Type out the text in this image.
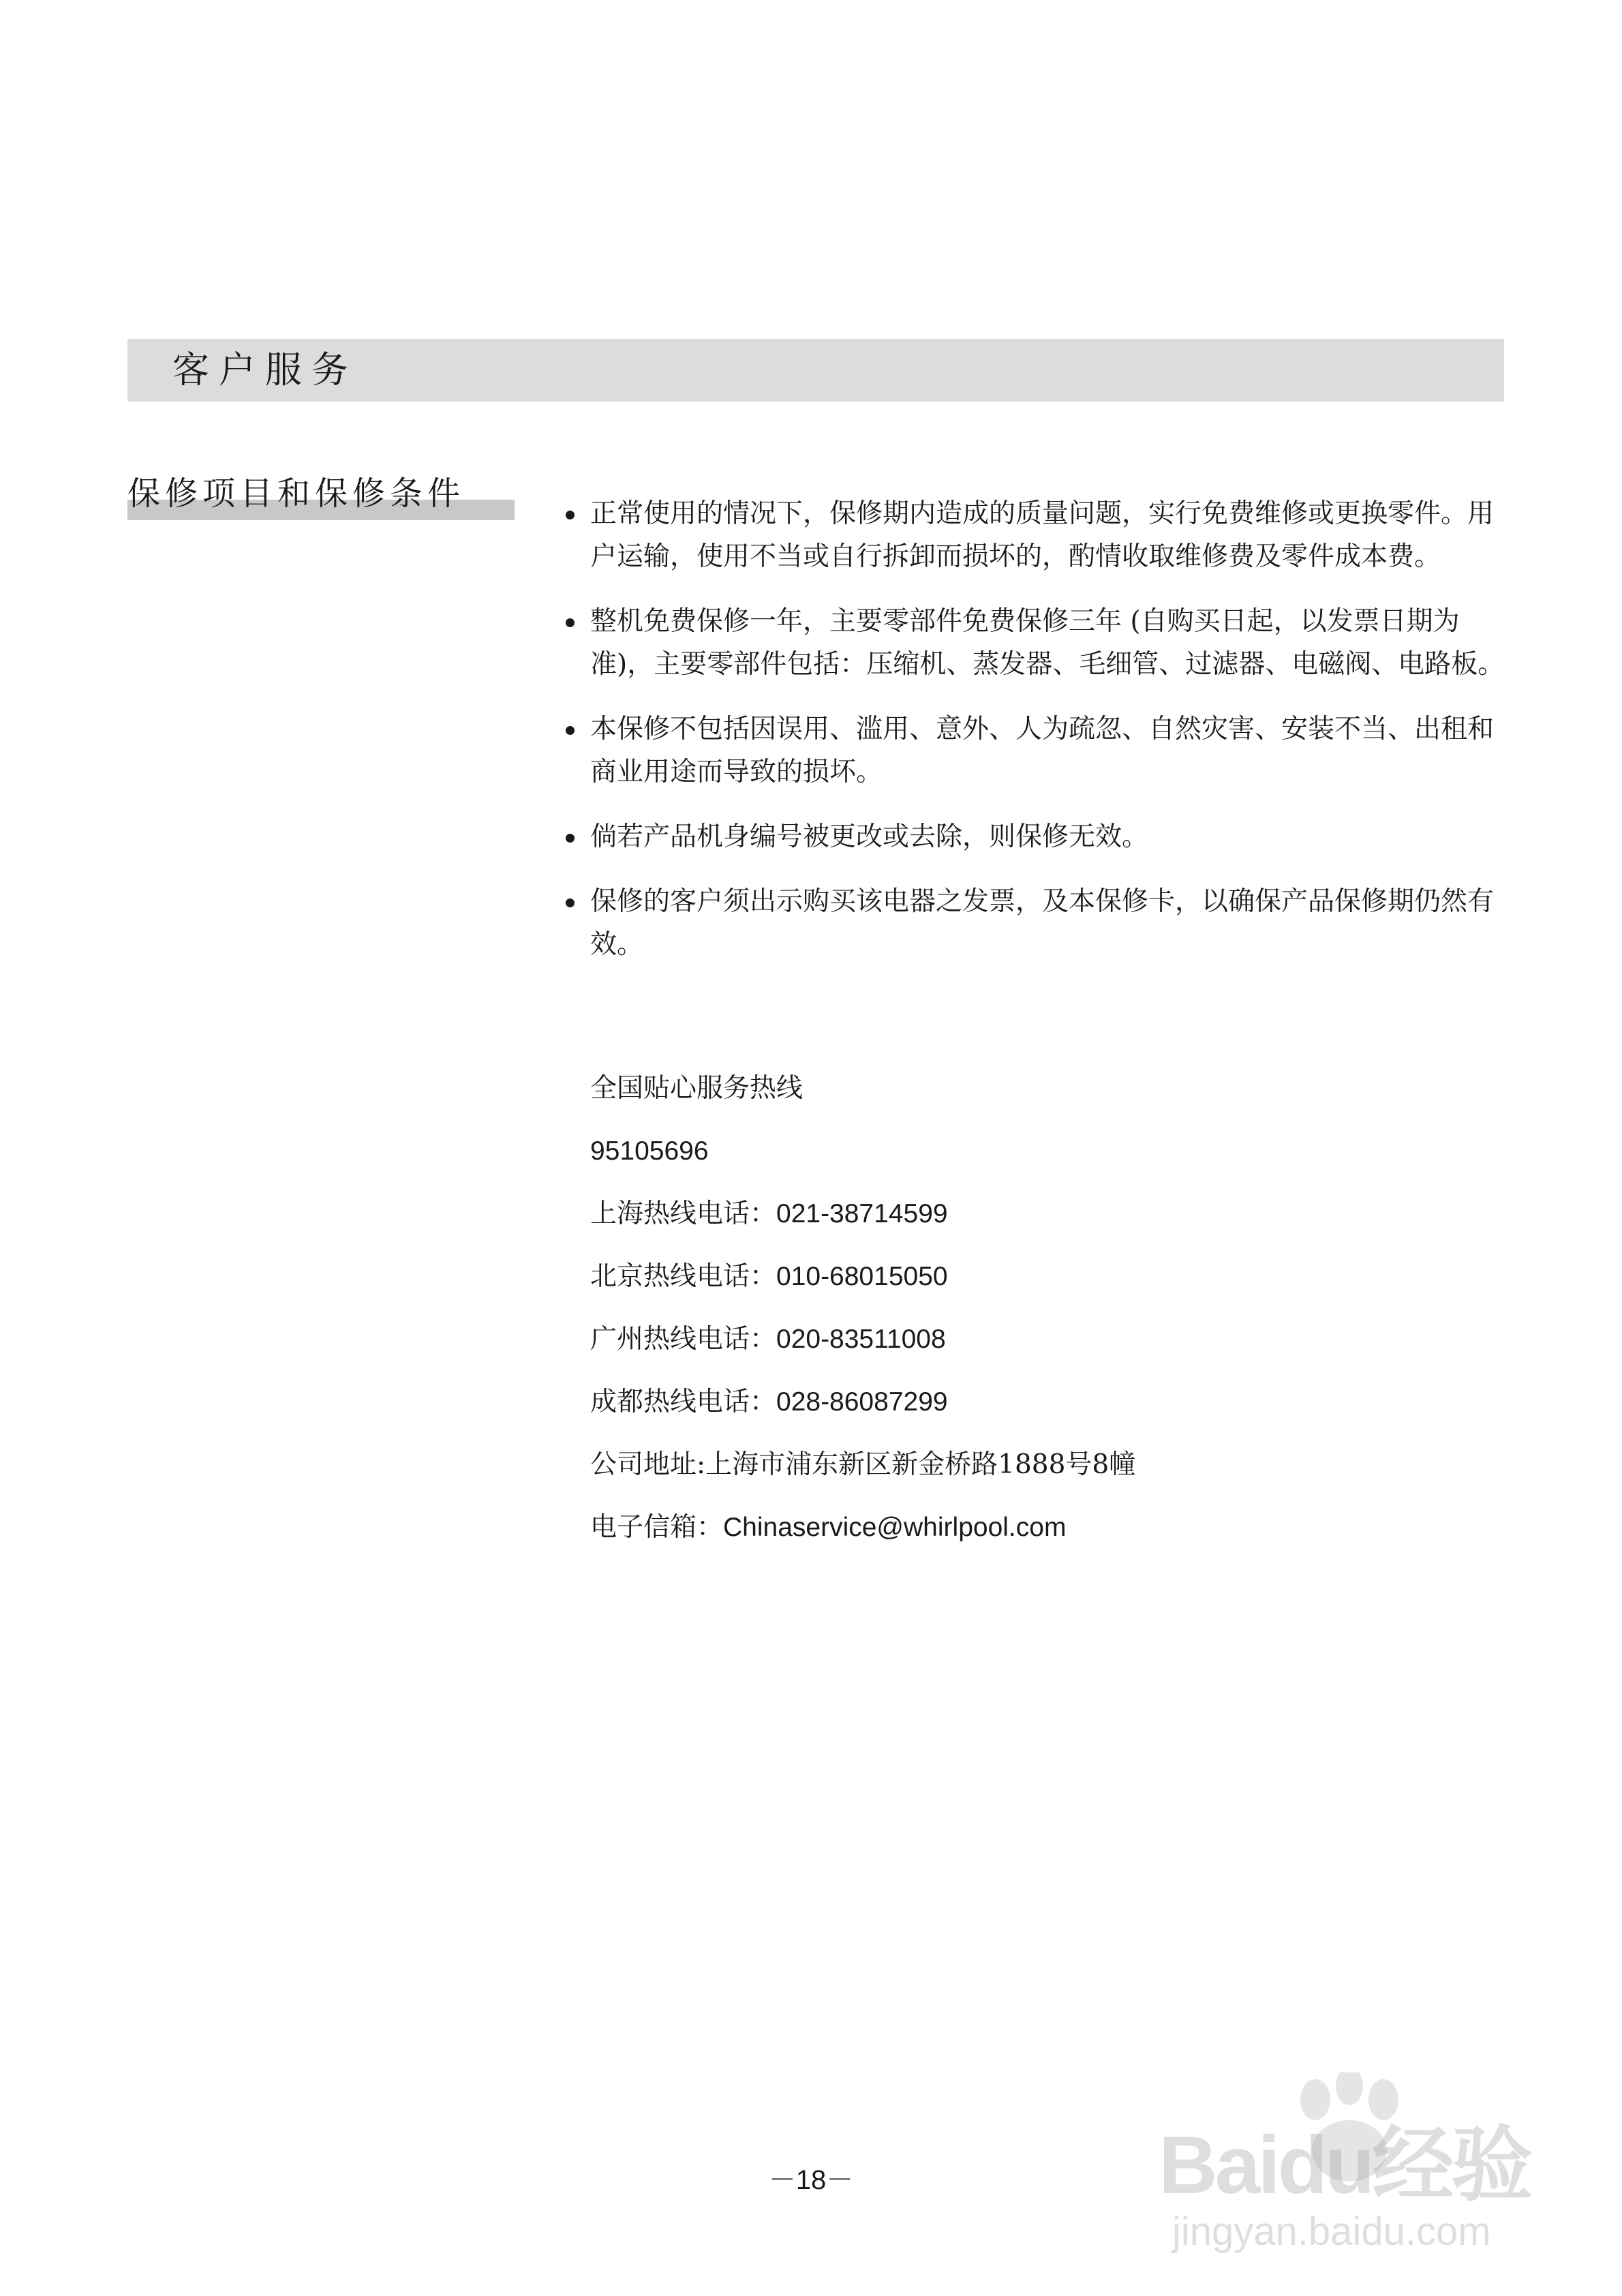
客户服务
保修项目和保修条件
正常使用的情况下，保修期内造成的质量问题，实行免费维修或更换零件。用户运输，使用不当或自行拆卸而损坏的，酌情收取维修费及零件成本费。
整机免费保修一年，主要零部件免费保修三年 (自购买日起，以发票日期为准)，主要零部件包括：压缩机、蒸发器、毛细管、过滤器、电磁阀、电路板。
本保修不包括因误用、滥用、意外、人为疏忽、自然灾害、安装不当、出租和商业用途而导致的损坏。
倘若产品机身编号被更改或去除，则保修无效。
保修的客户须出示购买该电器之发票，及本保修卡，以确保产品保修期仍然有效。
全国贴心服务热线
95105696
上海热线电话：021-38714599
北京热线电话：010-68015050
广州热线电话：020-83511008
成都热线电话：028-86087299
公司地址:上海市浦东新区新金桥路1888号8幢
电子信箱：Chinaservice@whirlpool.com
－18－	Baidu经验
jingyan.baidu.com
